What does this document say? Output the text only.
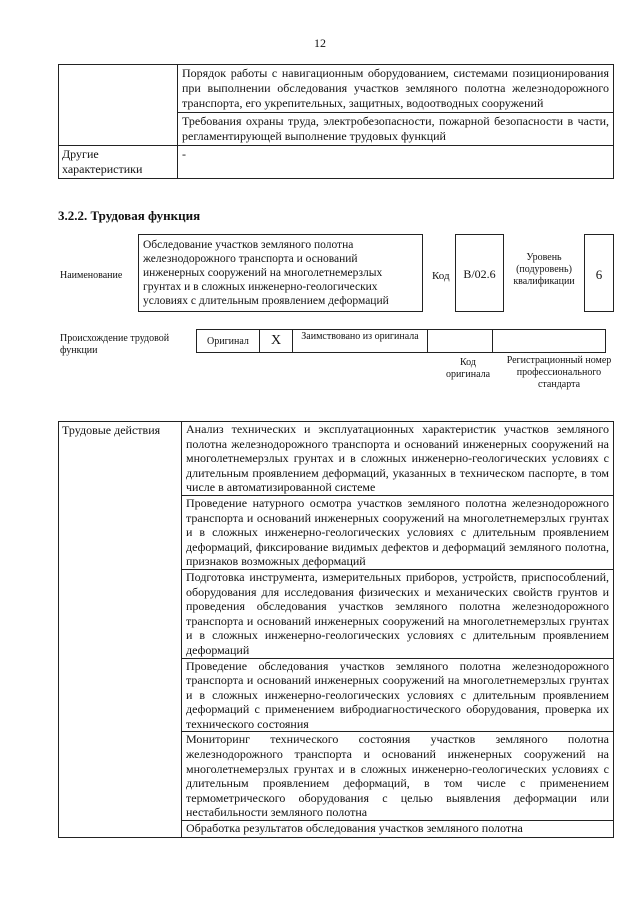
12
	Порядок работы с навигационным оборудованием, системами позиционирования при выполнении обследования участков земляного полотна железнодорожного транспорта, его укрепительных, защитных, водоотводных сооружений
	Требования охраны труда, электробезопасности, пожарной безопасности в части, регламентирующей выполнение трудовых функций
Другие характеристики	-
3.2.2. Трудовая функция
Наименование
Обследование участков земляного полотна железнодорожного транспорта и оснований инженерных сооружений на многолетнемерзлых грунтах и в сложных инженерно-геологических условиях с длительным проявлением деформаций
Код	B/02.6
Уровень (подуровень) квалификации	6
Происхождение трудовой функции
Оригинал	X	Заимствовано из оригинала
Код оригинала
Регистрационный номер профессионального стандарта
Трудовые действия	Анализ технических и эксплуатационных характеристик участков земляного полотна железнодорожного транспорта и оснований инженерных сооружений на многолетнемерзлых грунтах и в сложных инженерно-геологических условиях с длительным проявлением деформаций, указанных в техническом паспорте, в том числе в автоматизированной системе
Проведение натурного осмотра участков земляного полотна железнодорожного транспорта и оснований инженерных сооружений на многолетнемерзлых грунтах и в сложных инженерно-геологических условиях с длительным проявлением деформаций, фиксирование видимых дефектов и деформаций земляного полотна, признаков возможных деформаций
Подготовка инструмента, измерительных приборов, устройств, приспособлений, оборудования для исследования физических и механических свойств грунтов и проведения обследования участков земляного полотна железнодорожного транспорта и оснований инженерных сооружений на многолетнемерзлых грунтах и в сложных инженерно-геологических условиях с длительным проявлением деформаций
Проведение обследования участков земляного полотна железнодорожного транспорта и оснований инженерных сооружений на многолетнемерзлых грунтах и в сложных инженерно-геологических условиях с длительным проявлением деформаций с применением вибродиагностического оборудования, проверка их технического состояния
Мониторинг технического состояния участков земляного полотна железнодорожного транспорта и оснований инженерных сооружений на многолетнемерзлых грунтах и в сложных инженерно-геологических условиях с длительным проявлением деформаций, в том числе с применением термометрического оборудования с целью выявления деформации или нестабильности земляного полотна

Обработка результатов обследования участков земляного полотна
